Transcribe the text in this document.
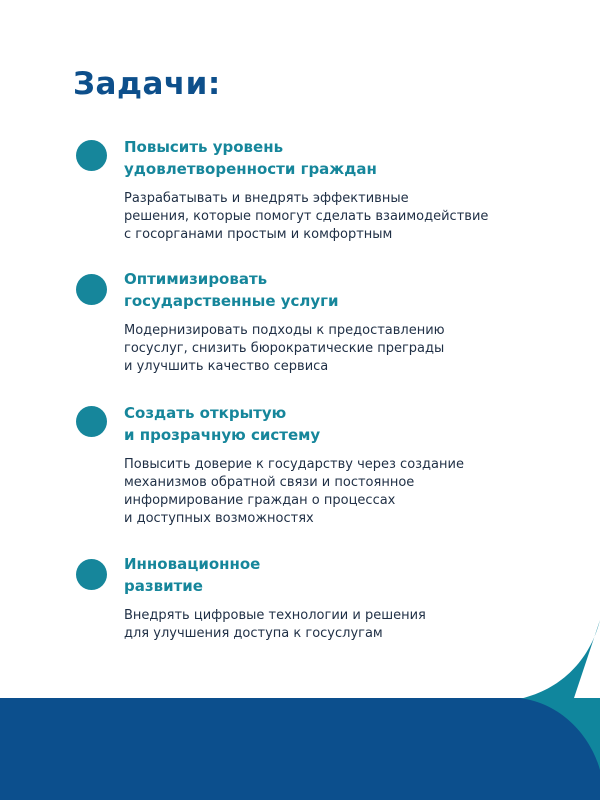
Задачи:

Повысить уровень
удовлетворенности граждан

Разрабатывать и внедрять эффективные
решения, которые помогут сделать взаимодействие
с госорганами простым и комфортным

Оптимизировать
государственные услуги

Модернизировать подходы к предоставлению
госуслуг, снизить бюрократические преграды
и улучшить качество сервиса

Создать открытую
и прозрачную систему

Повысить доверие к государству через создание
механизмов обратной связи и постоянное
информирование граждан о процессах
и доступных возможностях

Инновационное
развитие

Внедрять цифровые технологии и решения
для улучшения доступа к госуслугам
